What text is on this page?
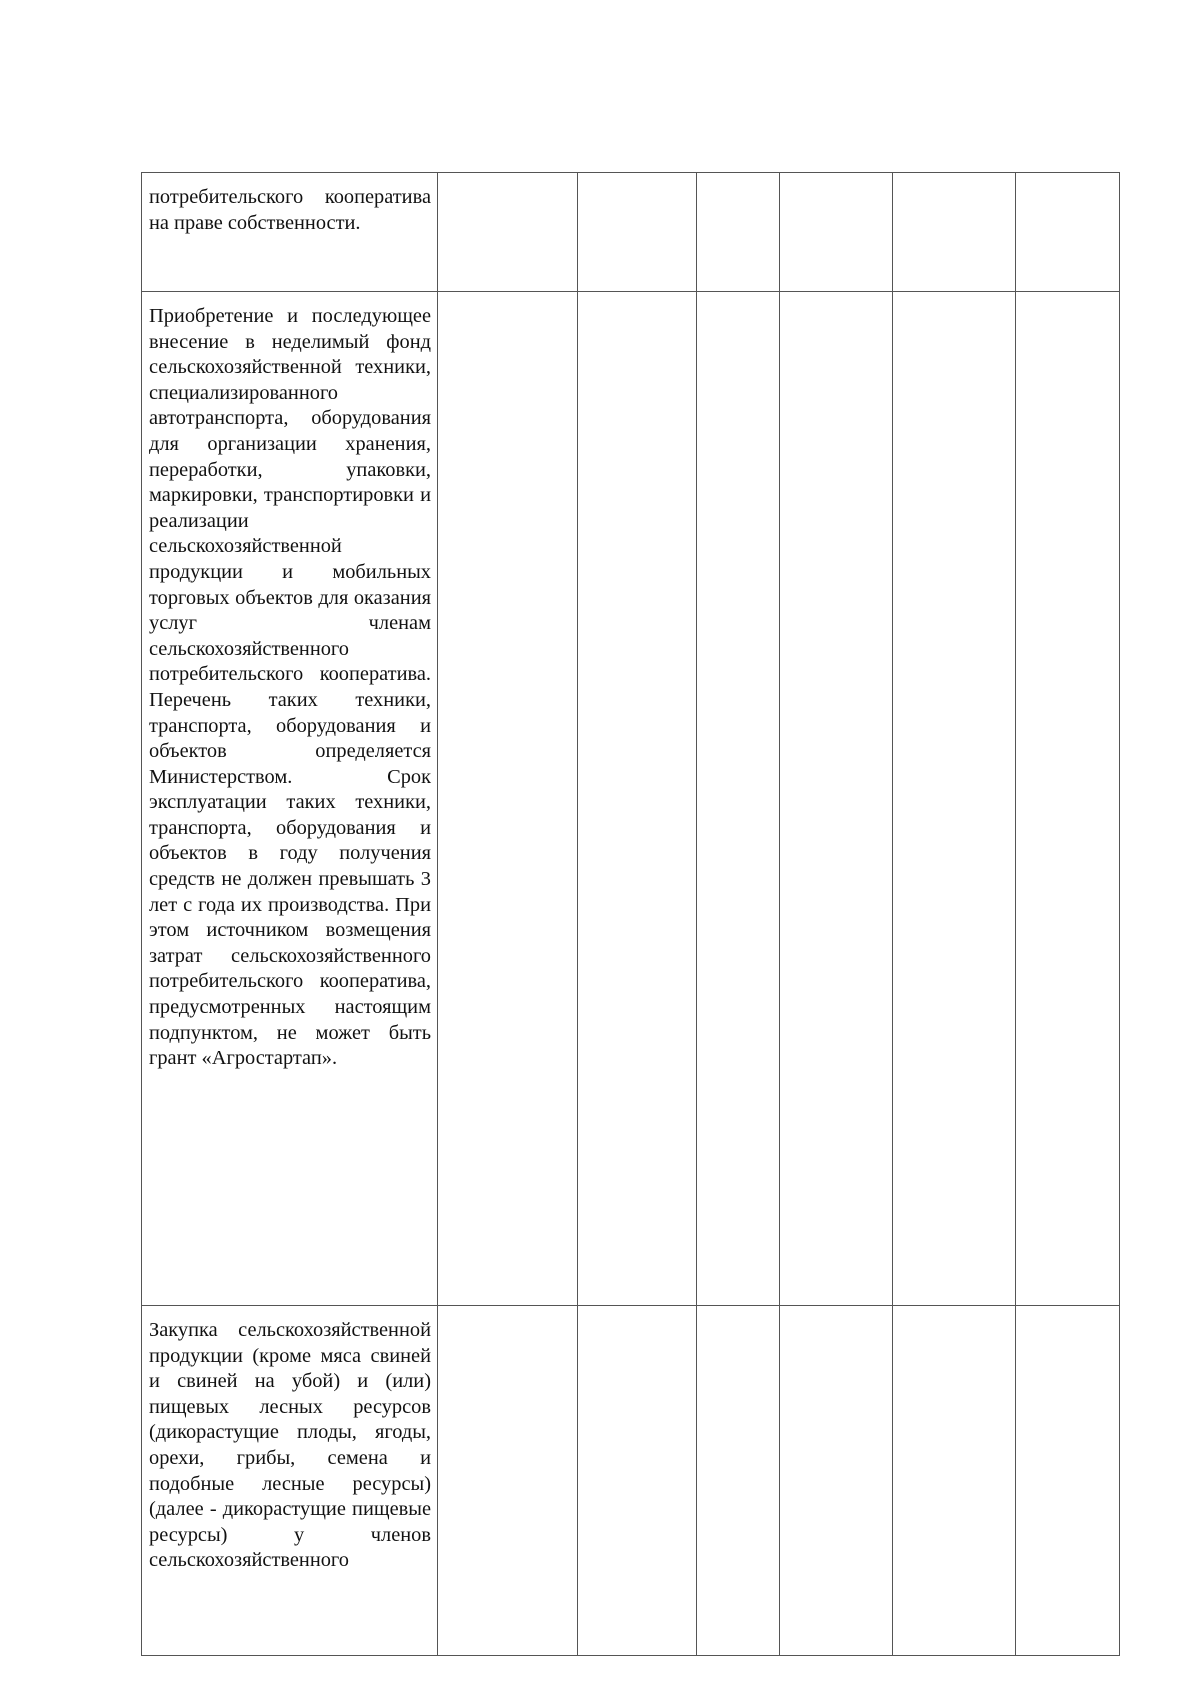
потребительского кооператива на праве собственности.						
Приобретение и последующее внесение в неделимый фонд сельскохозяйственной техники, специализированного автотранспорта, оборудования для организации хранения, переработки, упаковки, маркировки, транспортировки и реализации сельскохозяйственной продукции и мобильных торговых объектов для оказания услуг членам сельскохозяйственного потребительского кооператива. Перечень таких техники, транспорта, оборудования и объектов определяется Министерством. Срок эксплуатации таких техники, транспорта, оборудования и объектов в году получения средств не должен превышать 3 лет с года их производства. При этом источником возмещения затрат сельскохозяйственного потребительского кооператива, предусмотренных настоящим подпунктом, не может быть грант «Агростартап».						
Закупка сельскохозяйственной продукции (кроме мяса свиней и свиней на убой) и (или) пищевых лесных ресурсов (дикорастущие плоды, ягоды, орехи, грибы, семена и подобные лесные ресурсы) (далее - дикорастущие пищевые ресурсы) у членов сельскохозяйственного						
